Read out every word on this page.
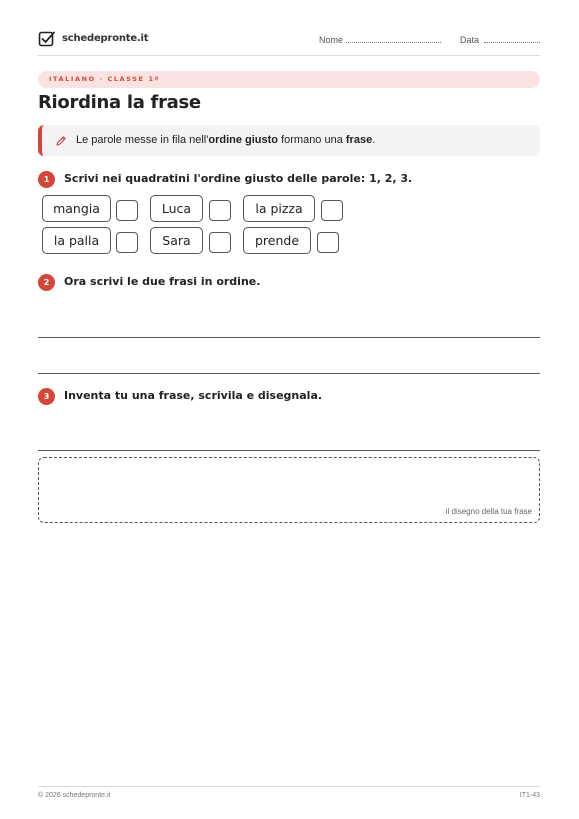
schedepronte.it	Nome	Data
ITALIANO · CLASSE 1ª
Riordina la frase
Le parole messe in fila nell'ordine giusto formano una frase.
1	Scrivi nei quadratini l'ordine giusto delle parole: 1, 2, 3.
mangia	Luca	la pizza
la palla	Sara	prende
2	Ora scrivi le due frasi in ordine.
3	Inventa tu una frase, scrivila e disegnala.
il disegno della tua frase
© 2026 schedepronte.it	IT1-43
